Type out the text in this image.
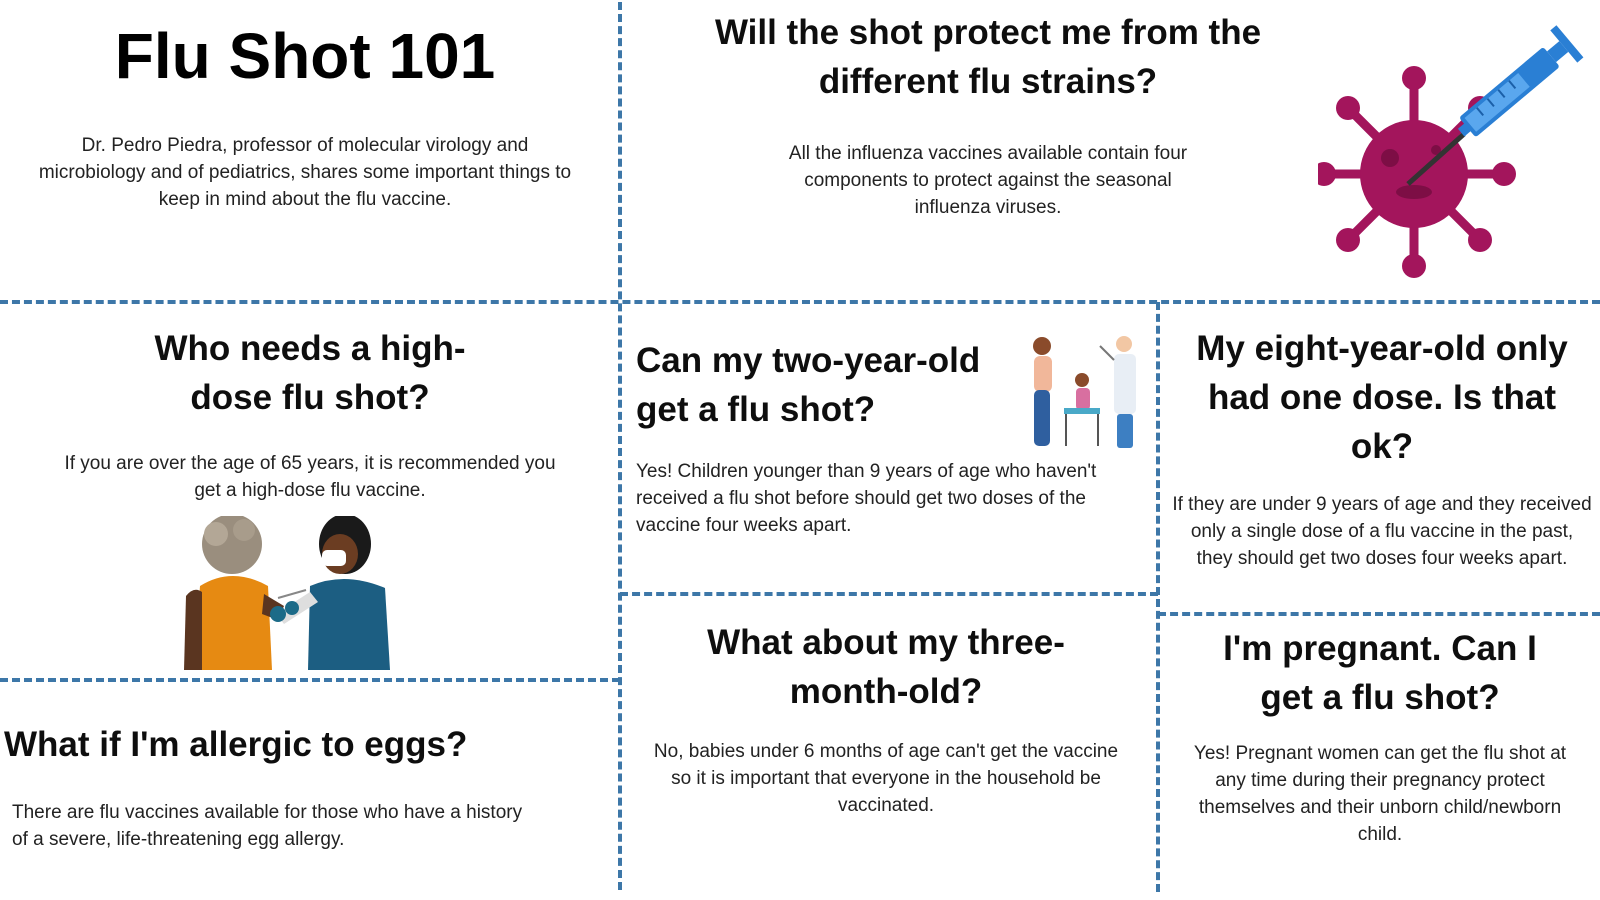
Flu Shot 101

Dr. Pedro Piedra, professor of molecular virology and microbiology and of pediatrics, shares some important things to keep in mind about the flu vaccine.

Will the shot protect me from the different flu strains?

All the influenza vaccines available contain four components to protect against the seasonal influenza viruses.

Who needs a high-dose flu shot?

If you are over the age of 65 years, it is recommended you get a high-dose flu vaccine.

Can my two-year-old get a flu shot?

Yes! Children younger than 9 years of age who haven't received a flu shot before should get two doses of the vaccine four weeks apart.

My eight-year-old only had one dose. Is that ok?

If they are under 9 years of age and they received only a single dose of a flu vaccine in the past, they should get two doses four weeks apart.

What if I'm allergic to eggs?

There are flu vaccines available for those who have a history of a severe, life-threatening egg allergy.

What about my three-month-old?

No, babies under 6 months of age can't get the vaccine so it is important that everyone in the household be vaccinated.

I'm pregnant. Can I get a flu shot?

Yes! Pregnant women can get the flu shot at any time during their pregnancy protect themselves and their unborn child/newborn child.
